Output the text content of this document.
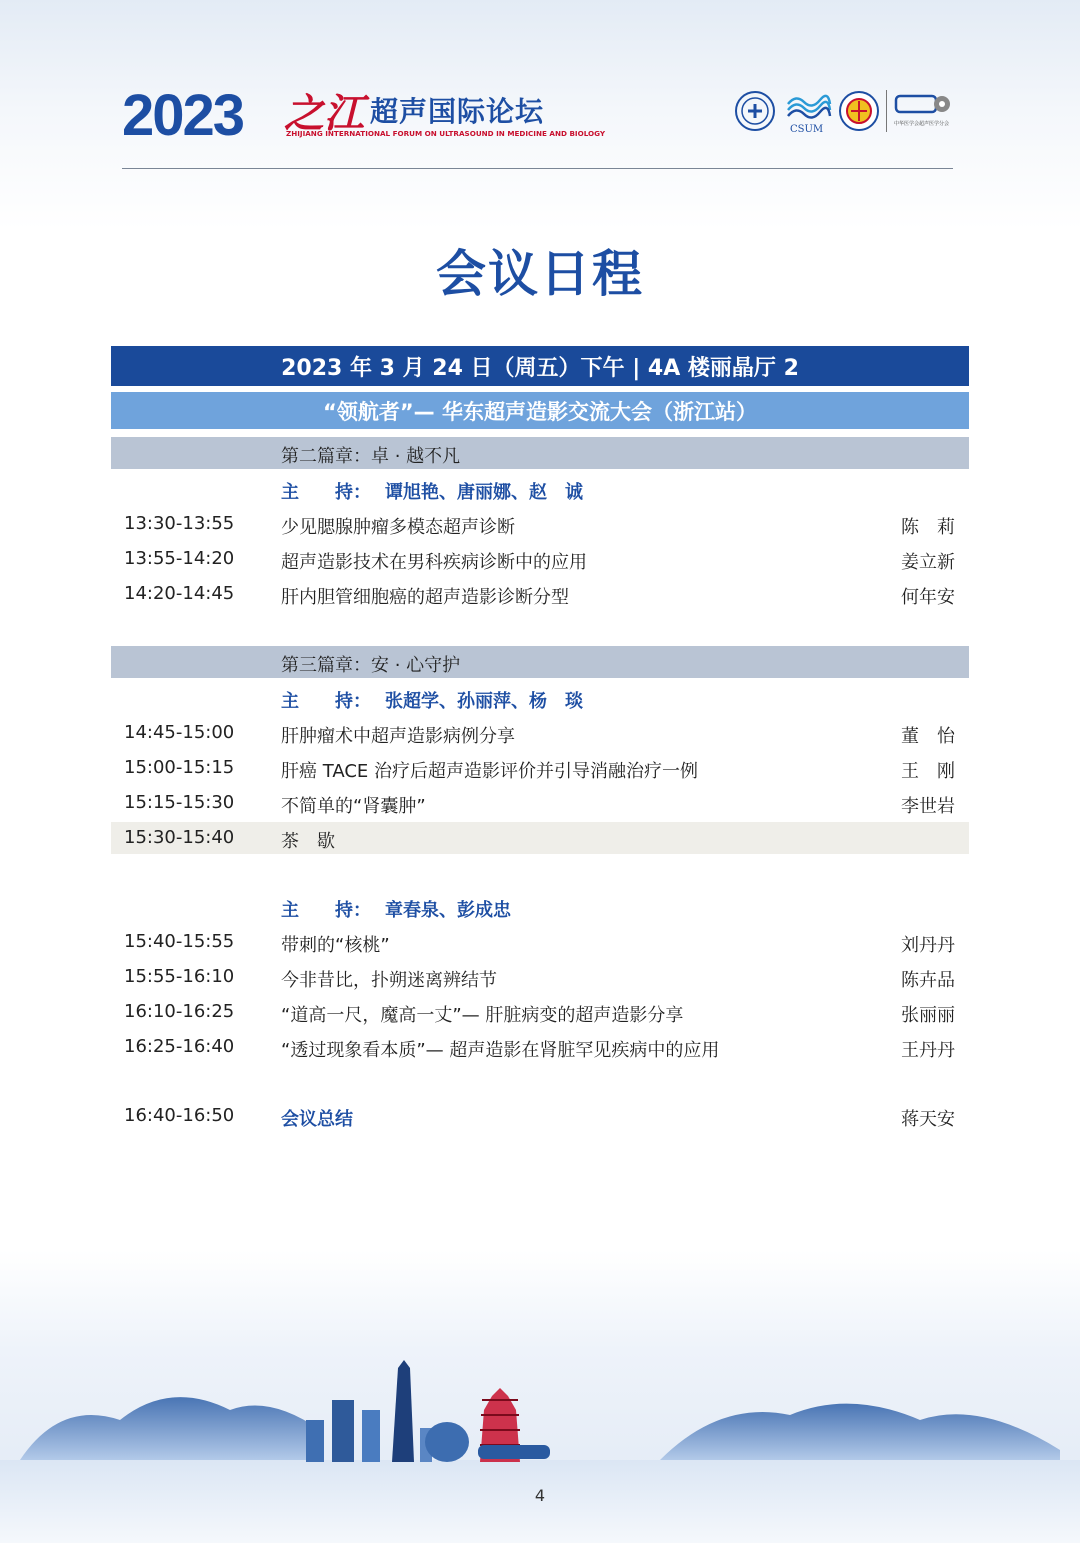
2023 之江 超声国际论坛
ZHIJIANG INTERNATIONAL FORUM ON ULTRASOUND IN MEDICINE AND BIOLOGY	CSUM	中华医学会超声医学分会
会议日程
2023 年 3 月 24 日（周五）下午 | 4A 楼丽晶厅 2
“领航者”— 华东超声造影交流大会（浙江站）
第二篇章：卓 · 越不凡
主　　持： 谭旭艳、唐丽娜、赵　诚
13:30-13:55	少见腮腺肿瘤多模态超声诊断	陈　莉
13:55-14:20	超声造影技术在男科疾病诊断中的应用	姜立新
14:20-14:45	肝内胆管细胞癌的超声造影诊断分型	何年安
第三篇章：安 · 心守护
主　　持： 张超学、孙丽萍、杨　琰
14:45-15:00	肝肿瘤术中超声造影病例分享	董　怡
15:00-15:15	肝癌 TACE 治疗后超声造影评价并引导消融治疗一例	王　刚
15:15-15:30	不简单的“肾囊肿”	李世岩
15:30-15:40	茶　歇
主　　持： 章春泉、彭成忠
15:40-15:55	带刺的“核桃”	刘丹丹
15:55-16:10	今非昔比，扑朔迷离辨结节	陈卉品
16:10-16:25	“道高一尺，魔高一丈”— 肝脏病变的超声造影分享	张丽丽
16:25-16:40	“透过现象看本质”— 超声造影在肾脏罕见疾病中的应用	王丹丹
16:40-16:50	会议总结	蒋天安
4
